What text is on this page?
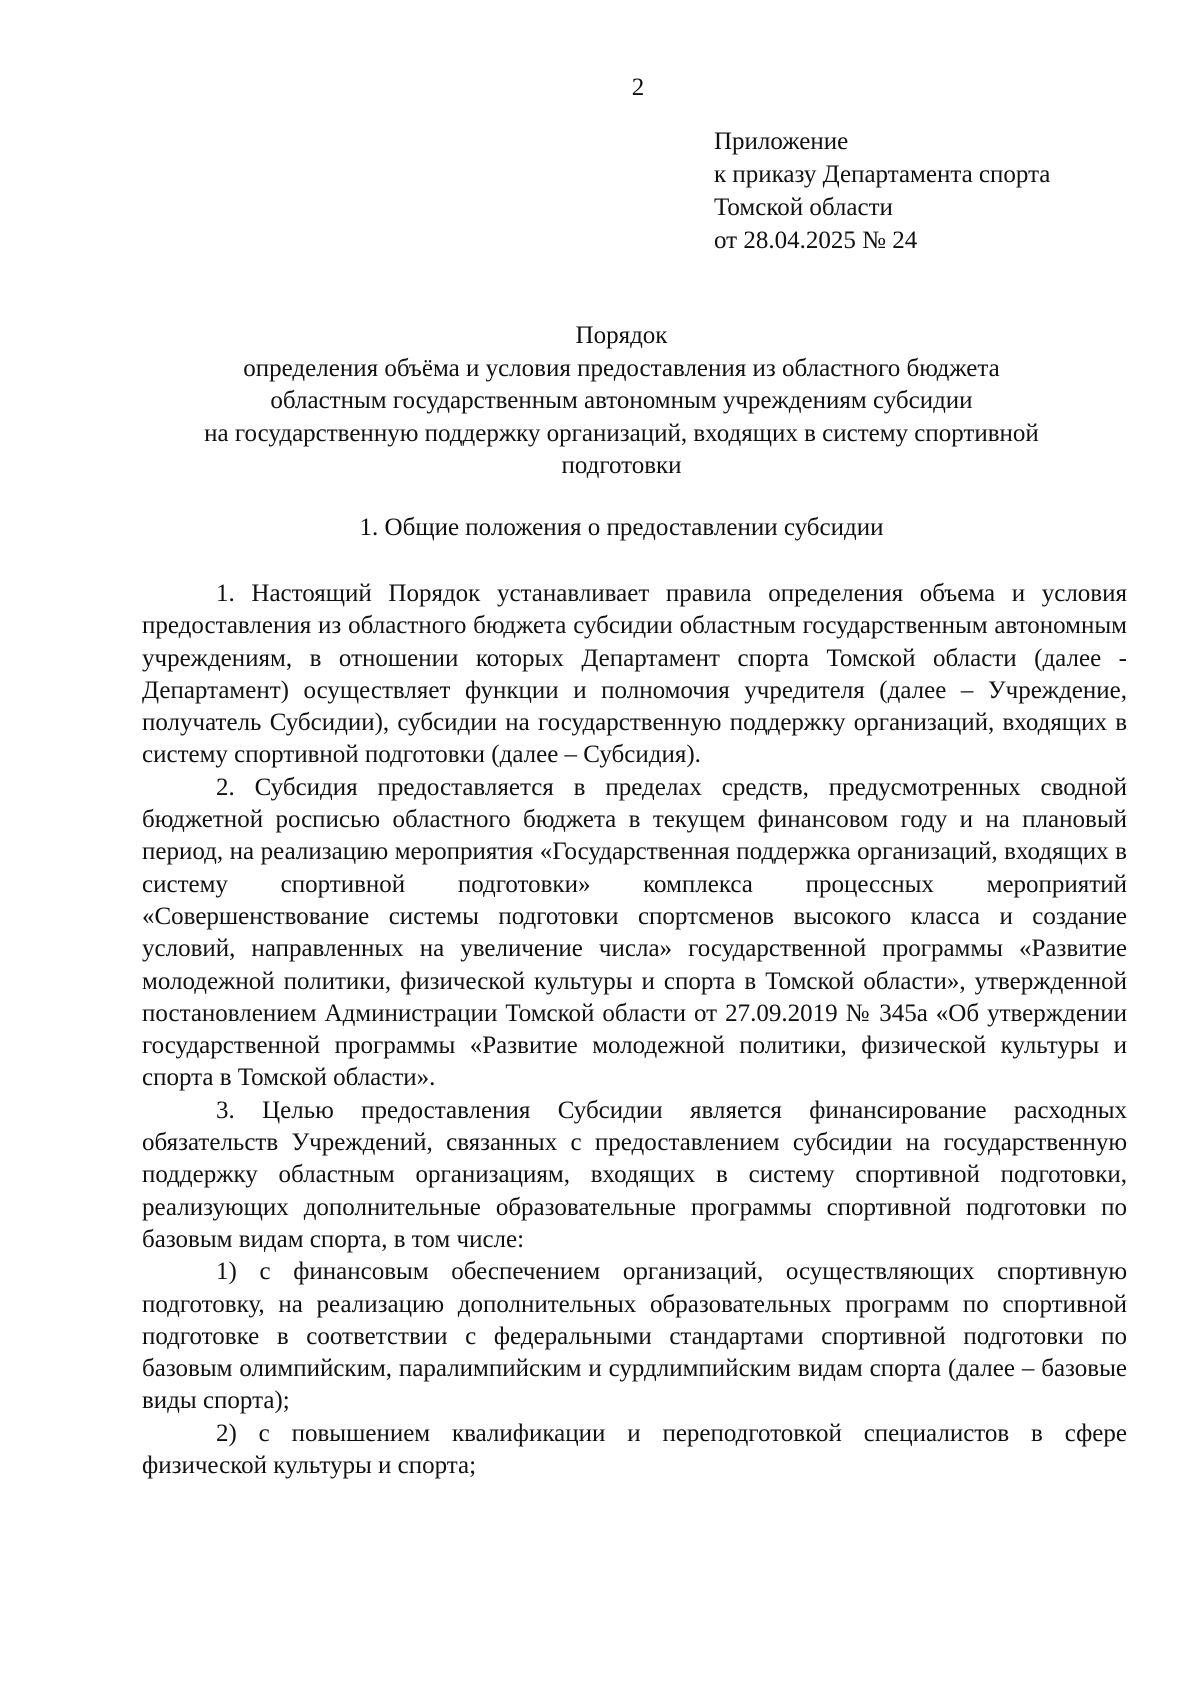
2
Приложение
к приказу Департамента спорта
Томской области
от 28.04.2025 № 24
Порядок
определения объёма и условия предоставления из областного бюджета
областным государственным автономным учреждениям субсидии
на государственную поддержку организаций, входящих в систему спортивной
подготовки
1. Общие положения о предоставлении субсидии

1. Настоящий Порядок устанавливает правила определения объема и условия предоставления из областного бюджета субсидии областным государственным автономным учреждениям, в отношении которых Департамент спорта Томской области (далее - Департамент) осуществляет функции и полномочия учредителя (далее – Учреждение, получатель Субсидии), субсидии на государственную поддержку организаций, входящих в систему спортивной подготовки (далее – Субсидия).

2. Субсидия предоставляется в пределах средств, предусмотренных сводной бюджетной росписью областного бюджета в текущем финансовом году и на плановый период, на реализацию мероприятия «Государственная поддержка организаций, входящих в систему спортивной подготовки» комплекса процессных мероприятий «Совершенствование системы подготовки спортсменов высокого класса и создание условий, направленных на увеличение числа» государственной программы «Развитие молодежной политики, физической культуры и спорта в Томской области», утвержденной постановлением Администрации Томской области от 27.09.2019 № 345а «Об утверждении государственной программы «Развитие молодежной политики, физической культуры и спорта в Томской области».

3. Целью предоставления Субсидии является финансирование расходных обязательств Учреждений, связанных с предоставлением субсидии на государственную поддержку областным организациям, входящих в систему спортивной подготовки, реализующих дополнительные образовательные программы спортивной подготовки по базовым видам спорта, в том числе:

1) с финансовым обеспечением организаций, осуществляющих спортивную подготовку, на реализацию дополнительных образовательных программ по спортивной подготовке в соответствии с федеральными стандартами спортивной подготовки по базовым олимпийским, паралимпийским и сурдлимпийским видам спорта (далее – базовые виды спорта);

2) с повышением квалификации и переподготовкой специалистов в сфере физической культуры и спорта;
